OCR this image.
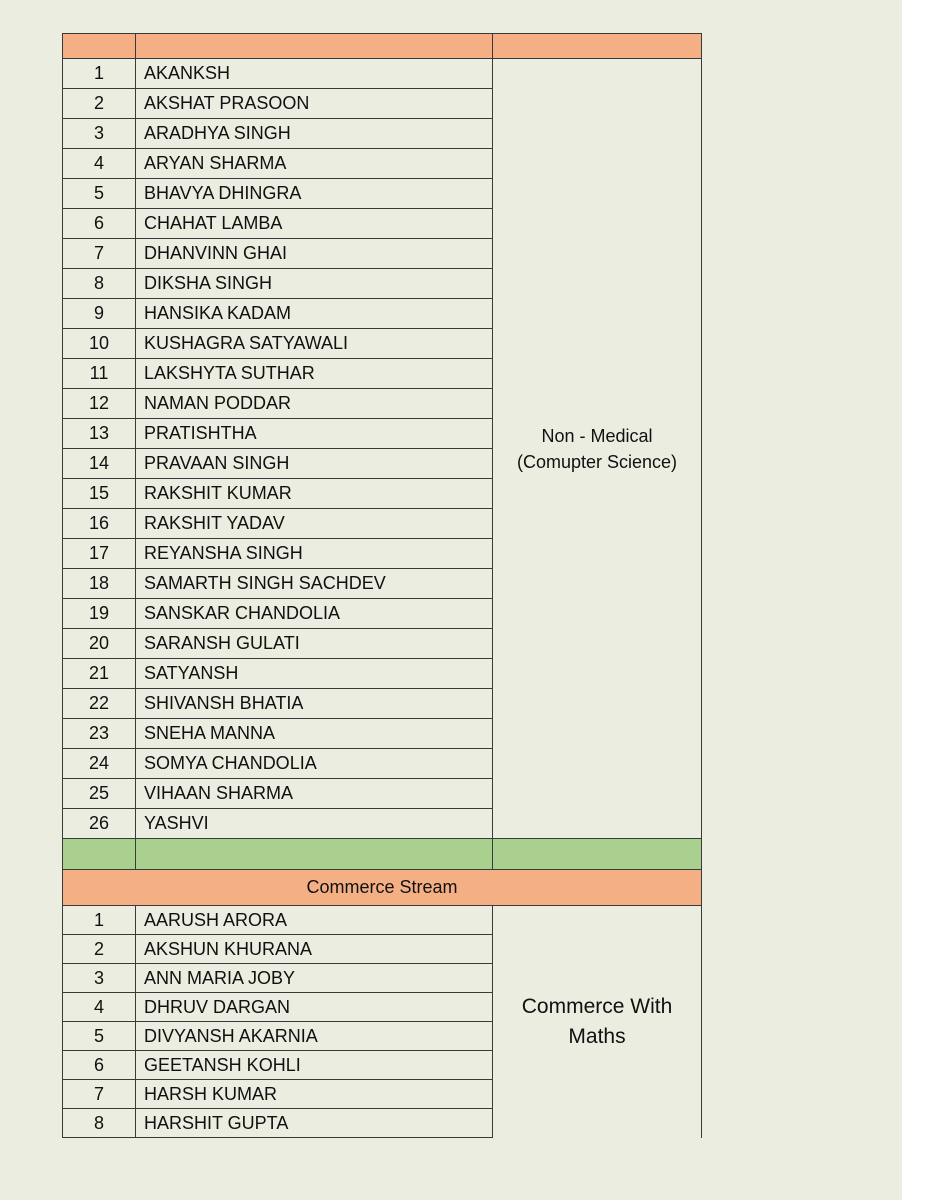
1	AKANKSH	Non - Medical
(Comupter Science)

2	AKSHAT PRASOON	
3	ARADHYA SINGH	
4	ARYAN SHARMA	
5	BHAVYA DHINGRA	
6	CHAHAT LAMBA	
7	DHANVINN GHAI	
8	DIKSHA SINGH	
9	HANSIKA KADAM	
10	KUSHAGRA SATYAWALI	
11	LAKSHYTA SUTHAR	
12	NAMAN PODDAR	
13	PRATISHTHA	
14	PRAVAAN SINGH	
15	RAKSHIT KUMAR	
16	RAKSHIT YADAV	
17	REYANSHA SINGH	
18	SAMARTH SINGH SACHDEV	
19	SANSKAR CHANDOLIA	
20	SARANSH GULATI	
21	SATYANSH	
22	SHIVANSH BHATIA	
23	SNEHA MANNA	
24	SOMYA CHANDOLIA	
25	VIHAAN SHARMA	
26	YASHVI	

Commerce Stream		
1	AARUSH ARORA	Commerce With
Maths

2	AKSHUN KHURANA	
3	ANN MARIA JOBY	
4	DHRUV DARGAN	
5	DIVYANSH AKARNIA	
6	GEETANSH KOHLI	
7	HARSH KUMAR	
8	HARSHIT GUPTA	
